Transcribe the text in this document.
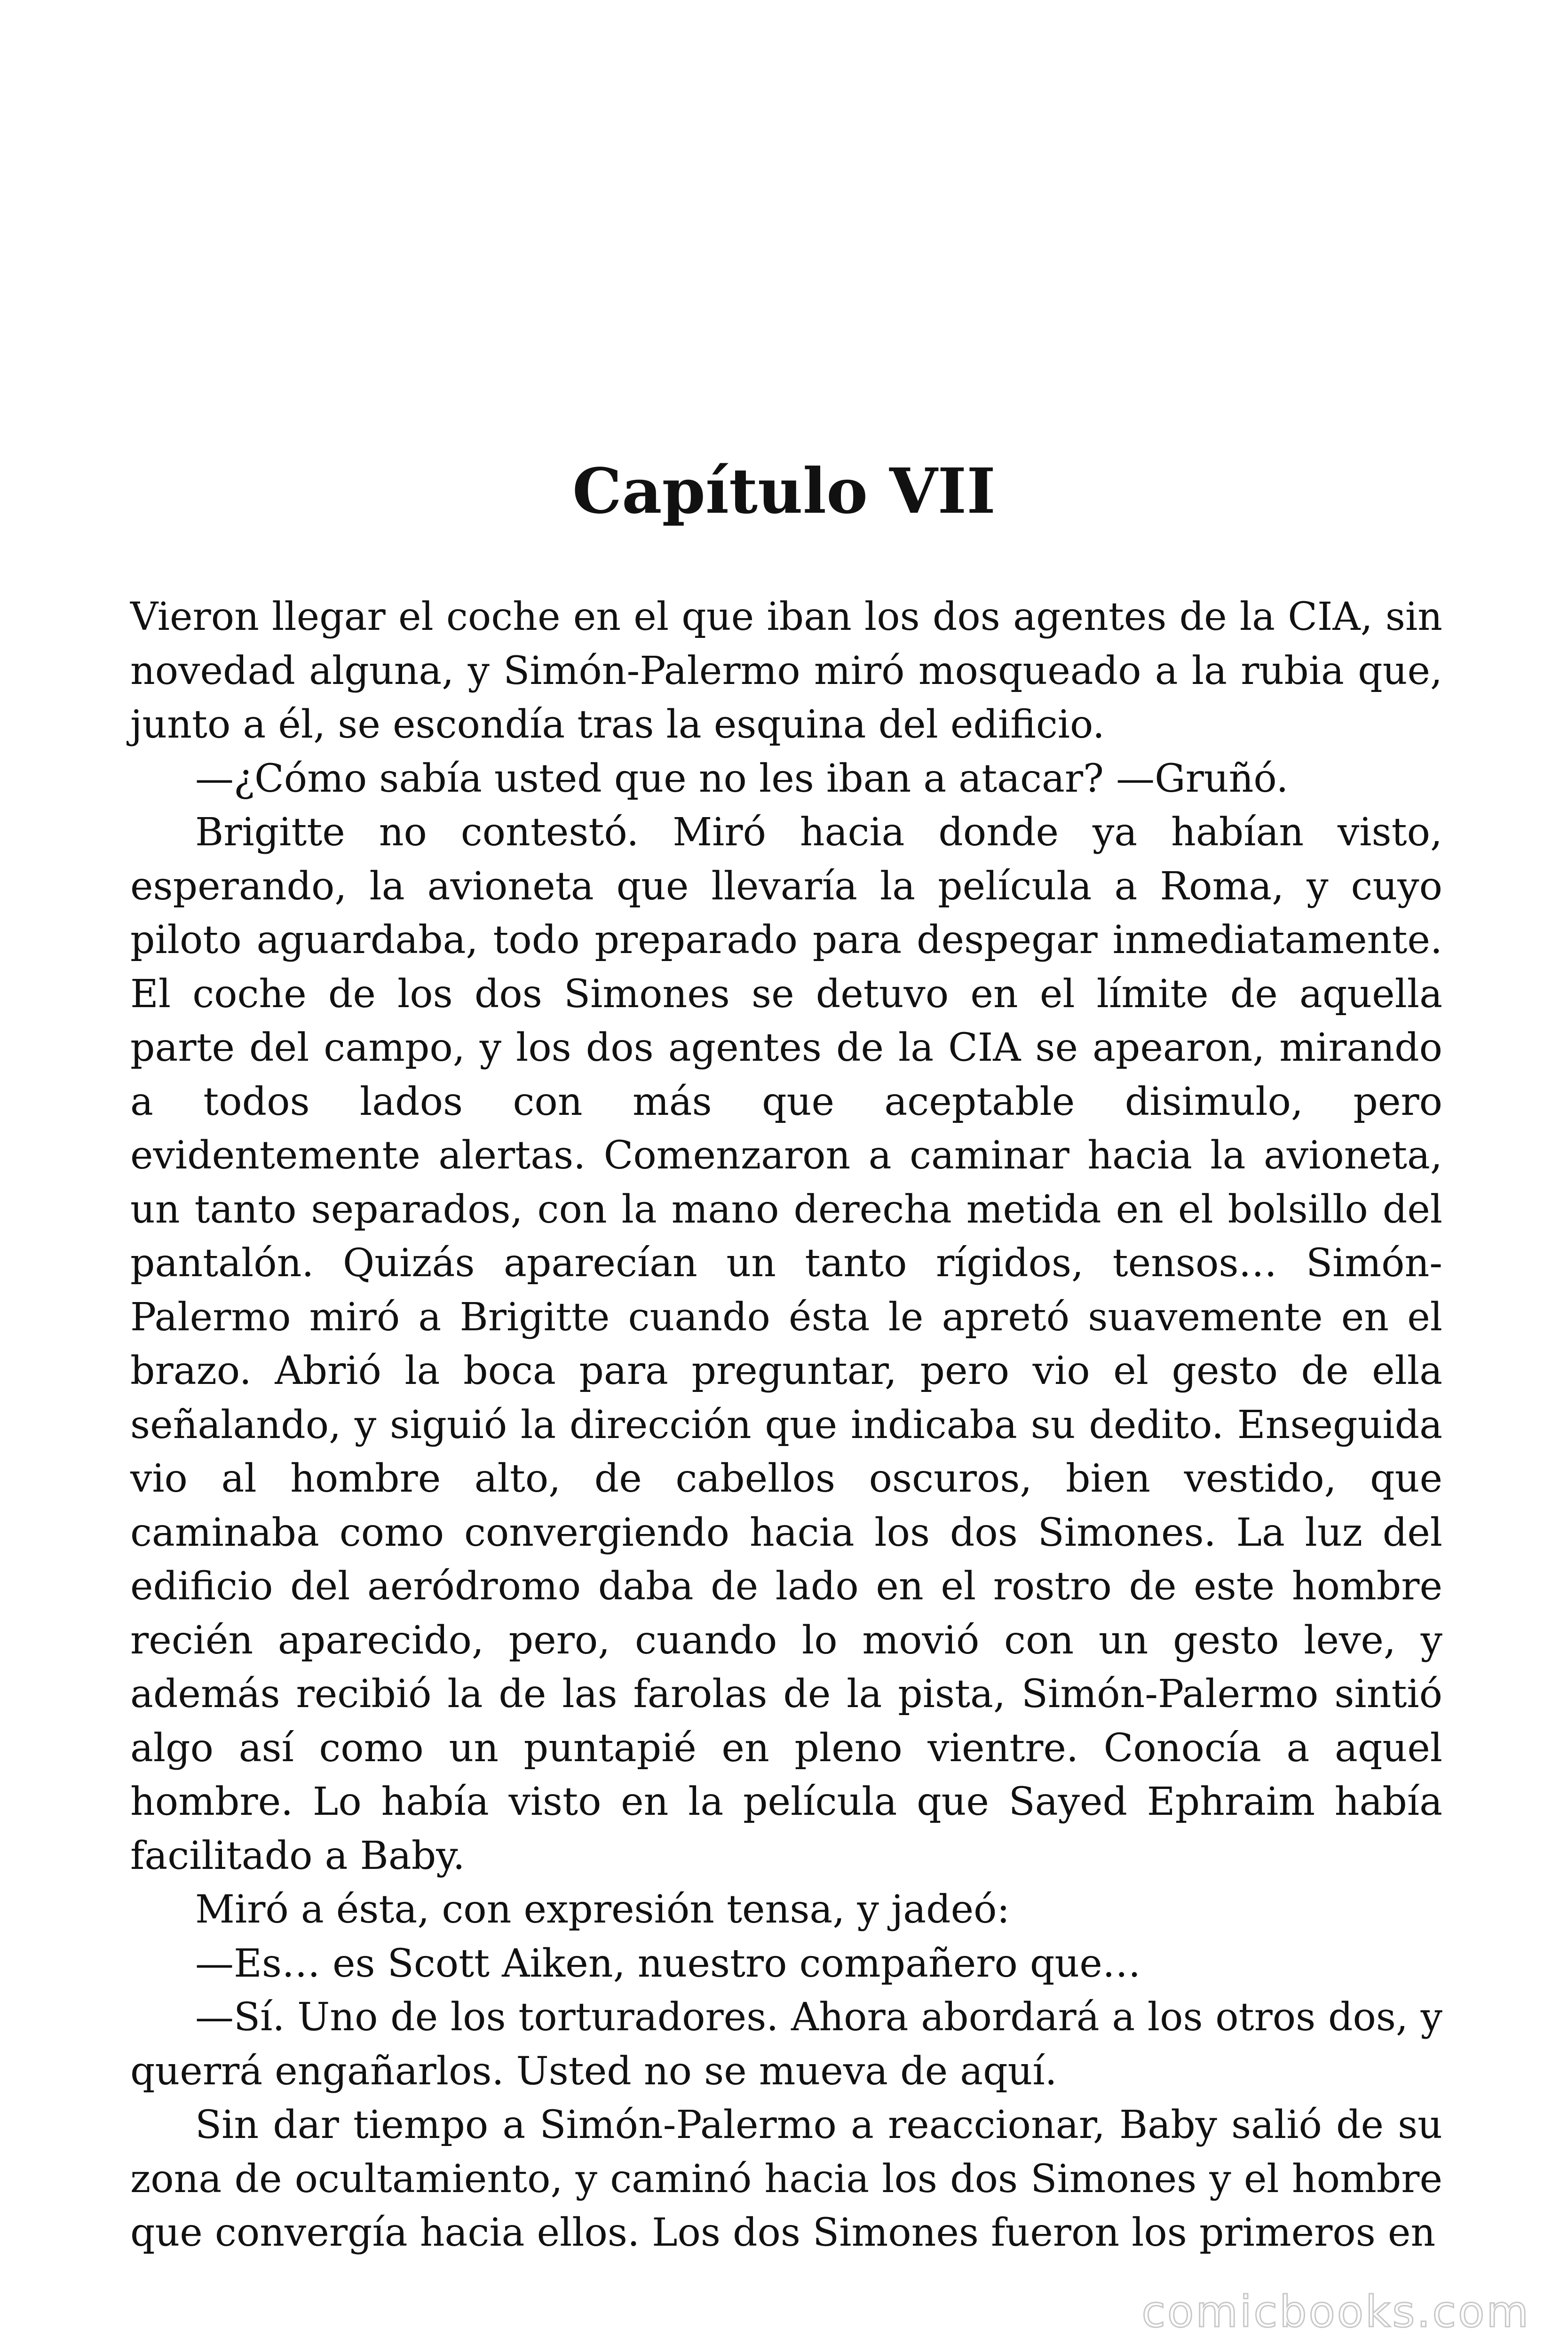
Capítulo VII

Vieron llegar el coche en el que iban los dos agentes de la CIA, sin novedad alguna, y Simón-Palermo miró mosqueado a la rubia que, junto a él, se escondía tras la esquina del edificio.

—¿Cómo sabía usted que no les iban a atacar? —Gruñó.

Brigitte no contestó. Miró hacia donde ya habían visto, esperando, la avioneta que llevaría la película a Roma, y cuyo piloto aguardaba, todo preparado para despegar inmediatamente. El coche de los dos Simones se detuvo en el límite de aquella parte del campo, y los dos agentes de la CIA se apearon, mirando a todos lados con más que aceptable disimulo, pero evidentemente alertas. Comenzaron a caminar hacia la avioneta, un tanto separados, con la mano derecha metida en el bolsillo del pantalón. Quizás aparecían un tanto rígidos, tensos… Simón-Palermo miró a Brigitte cuando ésta le apretó suavemente en el brazo. Abrió la boca para preguntar, pero vio el gesto de ella señalando, y siguió la dirección que indicaba su dedito. Enseguida vio al hombre alto, de cabellos oscuros, bien vestido, que caminaba como convergiendo hacia los dos Simones. La luz del edificio del aeródromo daba de lado en el rostro de este hombre recién aparecido, pero, cuando lo movió con un gesto leve, y además recibió la de las farolas de la pista, Simón-Palermo sintió algo así como un puntapié en pleno vientre. Conocía a aquel hombre. Lo había visto en la película que Sayed Ephraim había facilitado a Baby.

Miró a ésta, con expresión tensa, y jadeó:

—Es… es Scott Aiken, nuestro compañero que…

—Sí. Uno de los torturadores. Ahora abordará a los otros dos, y querrá engañarlos. Usted no se mueva de aquí.

Sin dar tiempo a Simón-Palermo a reaccionar, Baby salió de su zona de ocultamiento, y caminó hacia los dos Simones y el hombre que convergía hacia ellos. Los dos Simones fueron los primeros en

comicbooks.com
